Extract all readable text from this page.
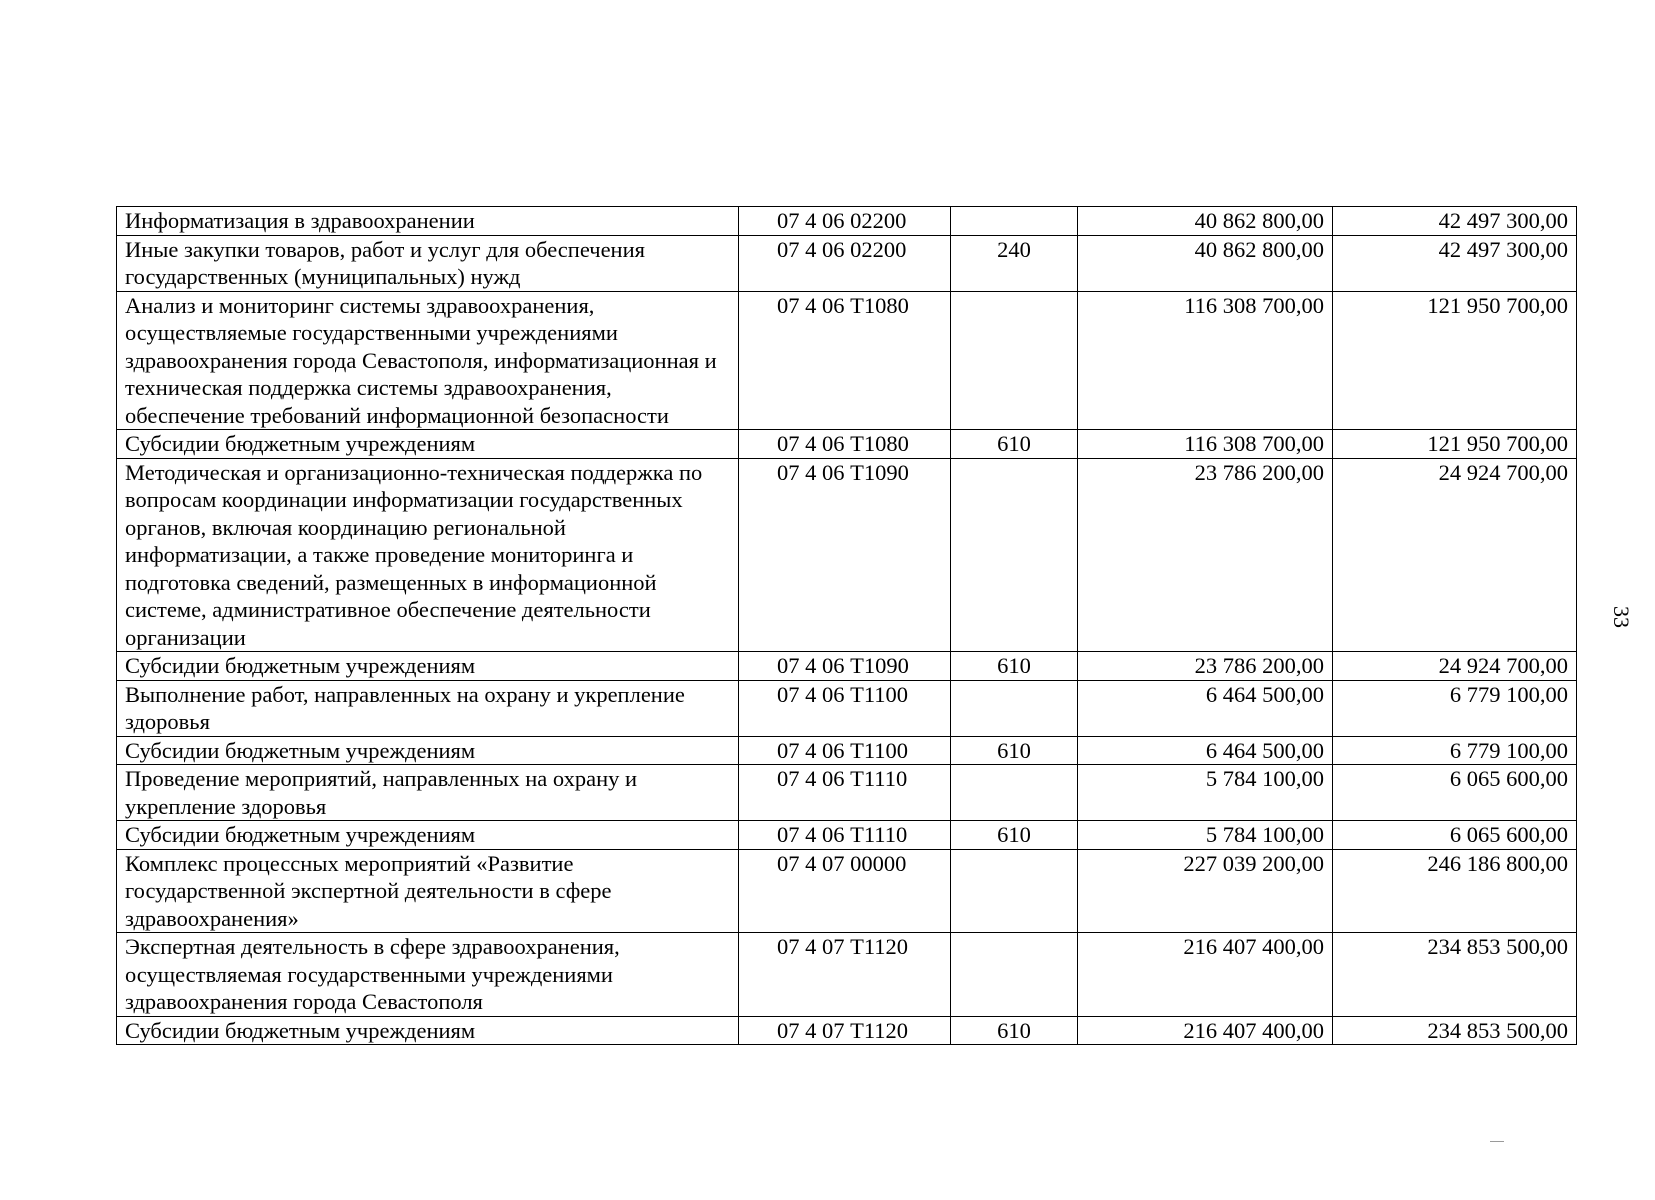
Информатизация в здравоохранении	07 4 06 02200		40 862 800,00	42 497 300,00
Иные закупки товаров, работ и услуг для обеспечения государственных (муниципальных) нужд	07 4 06 02200	240	40 862 800,00	42 497 300,00
Анализ и мониторинг системы здравоохранения, осуществляемые государственными учреждениями здравоохранения города Севастополя, информатизационная и техническая поддержка системы здравоохранения, обеспечение требований информационной безопасности	07 4 06 Т1080		116 308 700,00	121 950 700,00
Субсидии бюджетным учреждениям	07 4 06 Т1080	610	116 308 700,00	121 950 700,00
Методическая и организационно-техническая поддержка по вопросам координации информатизации государственных органов, включая координацию региональной информатизации, а также проведение мониторинга и подготовка сведений, размещенных в информационной системе, административное обеспечение деятельности организации	07 4 06 Т1090		23 786 200,00	24 924 700,00
Субсидии бюджетным учреждениям	07 4 06 Т1090	610	23 786 200,00	24 924 700,00
Выполнение работ, направленных на охрану и укрепление здоровья	07 4 06 Т1100		6 464 500,00	6 779 100,00
Субсидии бюджетным учреждениям	07 4 06 Т1100	610	6 464 500,00	6 779 100,00
Проведение мероприятий, направленных на охрану и укрепление здоровья	07 4 06 Т1110		5 784 100,00	6 065 600,00
Субсидии бюджетным учреждениям	07 4 06 Т1110	610	5 784 100,00	6 065 600,00
Комплекс процессных мероприятий «Развитие государственной экспертной деятельности в сфере здравоохранения»	07 4 07 00000		227 039 200,00	246 186 800,00
Экспертная деятельность в сфере здравоохранения, осуществляемая государственными учреждениями здравоохранения города Севастополя	07 4 07 Т1120		216 407 400,00	234 853 500,00
Субсидии бюджетным учреждениям	07 4 07 Т1120	610	216 407 400,00	234 853 500,00
33
